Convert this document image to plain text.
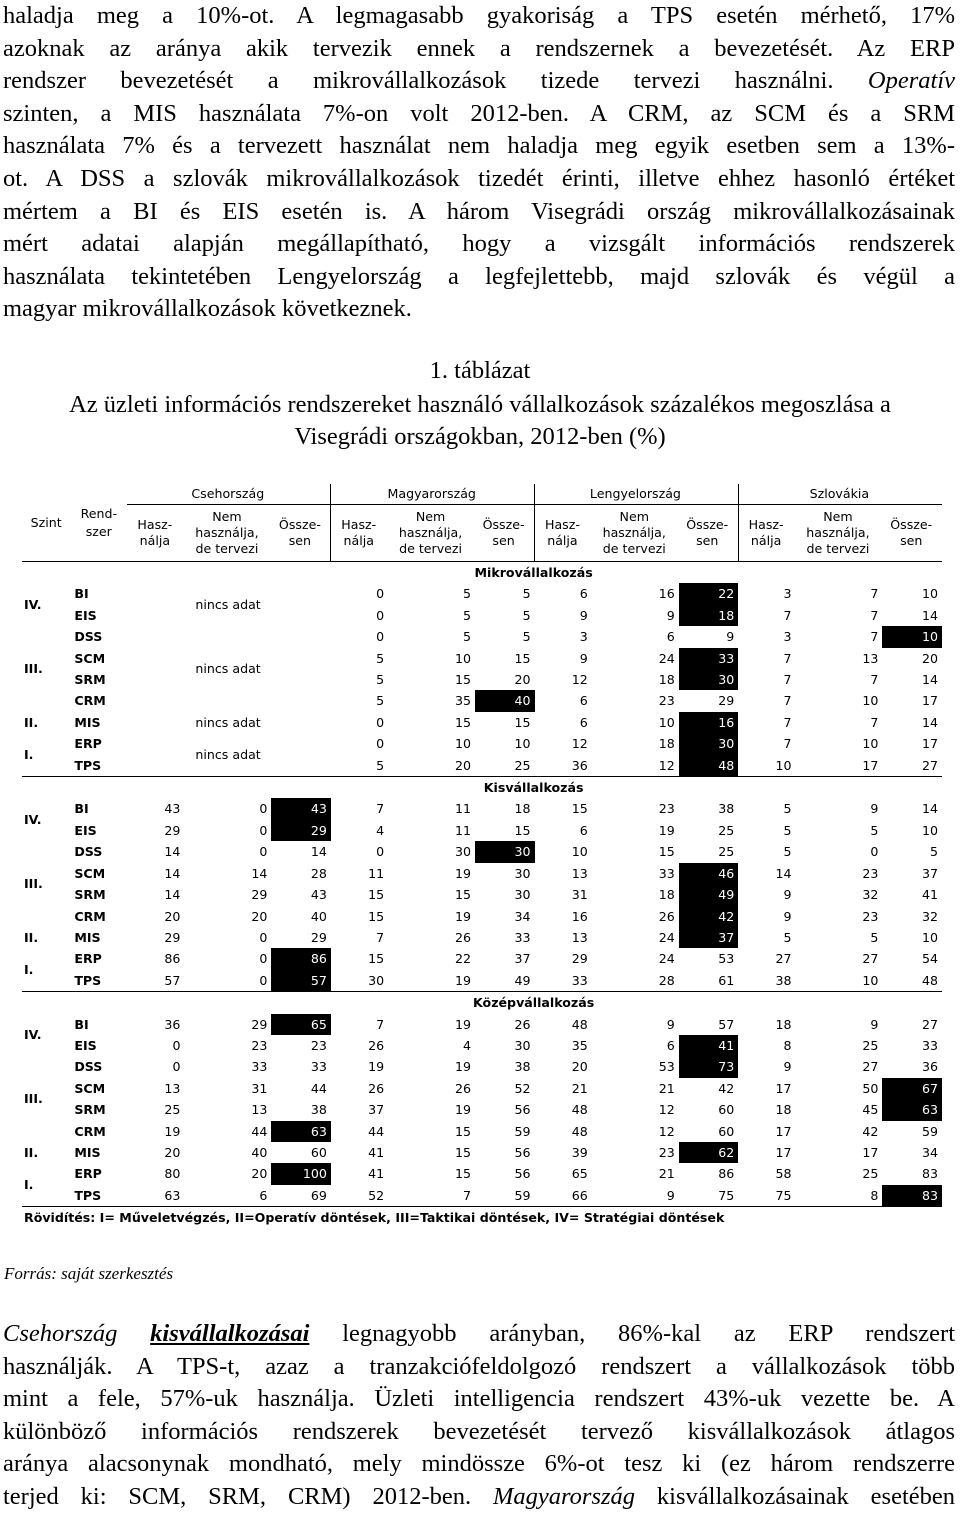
haladja meg a 10%-ot. A legmagasabb gyakoriság a TPS esetén mérhető, 17%
azoknak az aránya akik tervezik ennek a rendszernek a bevezetését. Az ERP
rendszer bevezetését a mikrovállalkozások tizede tervezi használni. Operatív
szinten, a MIS használata 7%-on volt 2012-ben. A CRM, az SCM és a SRM
használata 7% és a tervezett használat nem haladja meg egyik esetben sem a 13%-
ot. A DSS a szlovák mikrovállalkozások tizedét érinti, illetve ehhez hasonló értéket
mértem a BI és EIS esetén is. A három Visegrádi ország mikrovállalkozásainak
mért adatai alapján megállapítható, hogy a vizsgált információs rendszerek
használata tekintetében Lengyelország a legfejlettebb, majd szlovák és végül a
magyar mikrovállalkozások következnek.
1. táblázat
Az üzleti információs rendszereket használó vállalkozások százalékos megoszlása a
Visegrádi országokban, 2012-ben (%)
Szint	Rend-szer	Csehország			Magyarország			Lengyelország			Szlovákia		
		Hasz-nálja	Nem használja, de tervezi	Össze-sen	Hasz-nálja	Nem használja, de tervezi	Össze-sen	Hasz-nálja	Nem használja, de tervezi	Össze-sen	Hasz-nálja	Nem használja, de tervezi	Össze-sen
		Mikrovállalkozás											
IV.	BI	nincs adat			0	5	5	6	16	22	3	7	10
	EIS				0	5	5	9	9	18	7	7	14
III.	DSS	nincs adat			0	5	5	3	6	9	3	7	10
	SCM				5	10	15	9	24	33	7	13	20
	SRM				5	15	20	12	18	30	7	7	14
	CRM				5	35	40	6	23	29	7	10	17
II.	MIS	nincs adat			0	15	15	6	10	16	7	7	14
I.	ERP	nincs adat			0	10	10	12	18	30	7	10	17
	TPS				5	20	25	36	12	48	10	17	27
		Kisvállalkozás											
IV.	BI	43	0	43	7	11	18	15	23	38	5	9	14
	EIS	29	0	29	4	11	15	6	19	25	5	5	10
III.	DSS	14	0	14	0	30	30	10	15	25	5	0	5
	SCM	14	14	28	11	19	30	13	33	46	14	23	37
	SRM	14	29	43	15	15	30	31	18	49	9	32	41
	CRM	20	20	40	15	19	34	16	26	42	9	23	32
II.	MIS	29	0	29	7	26	33	13	24	37	5	5	10
I.	ERP	86	0	86	15	22	37	29	24	53	27	27	54
	TPS	57	0	57	30	19	49	33	28	61	38	10	48
		Középvállalkozás											
IV.	BI	36	29	65	7	19	26	48	9	57	18	9	27
	EIS	0	23	23	26	4	30	35	6	41	8	25	33
III.	DSS	0	33	33	19	19	38	20	53	73	9	27	36
	SCM	13	31	44	26	26	52	21	21	42	17	50	67
	SRM	25	13	38	37	19	56	48	12	60	18	45	63
	CRM	19	44	63	44	15	59	48	12	60	17	42	59
II.	MIS	20	40	60	41	15	56	39	23	62	17	17	34
I.	ERP	80	20	100	41	15	56	65	21	86	58	25	83
	TPS	63	6	69	52	7	59	66	9	75	75	8	83
Rövidítés: I= Műveletvégzés, II=Operatív döntések, III=Taktikai döntések, IV= Stratégiai döntések													
Forrás: saját szerkesztés
Csehország kisvállalkozásai legnagyobb arányban, 86%-kal az ERP rendszert
használják. A TPS-t, azaz a tranzakciófeldolgozó rendszert a vállalkozások több
mint a fele, 57%-uk használja. Üzleti intelligencia rendszert 43%-uk vezette be. A
különböző információs rendszerek bevezetését tervező kisvállalkozások átlagos
aránya alacsonynak mondható, mely mindössze 6%-ot tesz ki (ez három rendszerre
terjed ki: SCM, SRM, CRM) 2012-ben. Magyarország kisvállalkozásainak esetében
